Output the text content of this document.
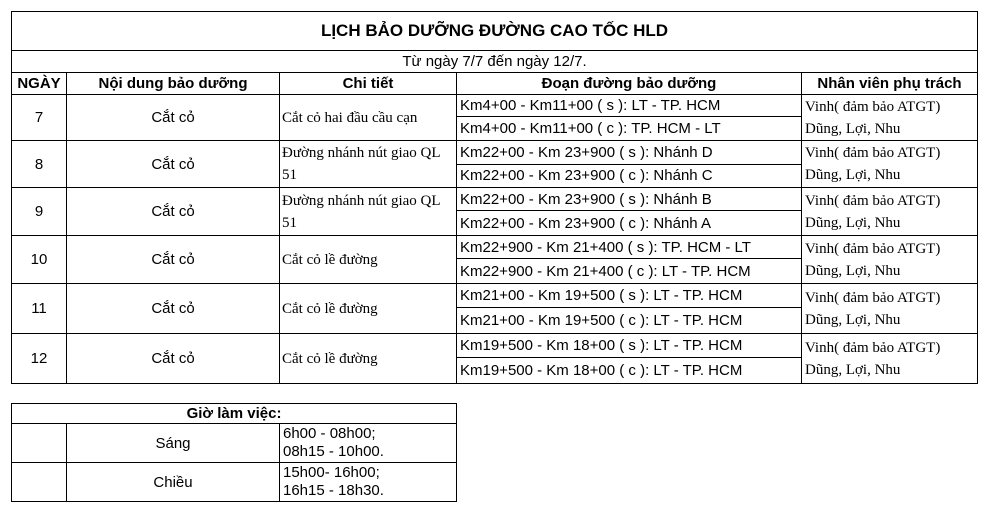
LỊCH BẢO DƯỠNG ĐƯỜNG CAO TỐC HLD				
Từ ngày 7/7 đến ngày 12/7.				
NGÀY	Nội dung bảo dưỡng	Chi tiết	Đoạn đường bảo dưỡng	Nhân viên phụ trách
7	Cắt cỏ	Cắt cỏ hai đầu cầu cạn	Km4+00 - Km11+00 ( s ): LT - TP. HCM	Vinh( đảm bảo ATGT)
Dũng, Lợi, Nhu

			Km4+00 - Km11+00 ( c ): TP. HCM - LT	
8	Cắt cỏ	Đường nhánh nút giao QL 51	Km22+00 - Km 23+900 ( s ): Nhánh D	Vinh( đảm bảo ATGT)
Dũng, Lợi, Nhu

			Km22+00 - Km 23+900 ( c ): Nhánh C	
9	Cắt cỏ	Đường nhánh nút giao QL 51	Km22+00 - Km 23+900 ( s ): Nhánh B	Vinh( đảm bảo ATGT)
Dũng, Lợi, Nhu

			Km22+00 - Km 23+900 ( c ): Nhánh A	
10	Cắt cỏ	Cắt cỏ lề đường	Km22+900 - Km 21+400 ( s ): TP. HCM - LT	Vinh( đảm bảo ATGT)
Dũng, Lợi, Nhu

			Km22+900 - Km 21+400 ( c ): LT - TP. HCM	
11	Cắt cỏ	Cắt cỏ lề đường	Km21+00 - Km 19+500 ( s ): LT - TP. HCM	Vinh( đảm bảo ATGT)
Dũng, Lợi, Nhu

			Km21+00 - Km 19+500 ( c ): LT - TP. HCM	
12	Cắt cỏ	Cắt cỏ lề đường	Km19+500 - Km 18+00 ( s ): LT - TP. HCM	Vinh( đảm bảo ATGT)
Dũng, Lợi, Nhu

			Km19+500 - Km 18+00 ( c ): LT - TP. HCM	
Giờ làm việc:		
	Sáng	6h00 - 08h00;
08h15 - 10h00.

	Chiều	15h00- 16h00;
16h15 - 18h30.
